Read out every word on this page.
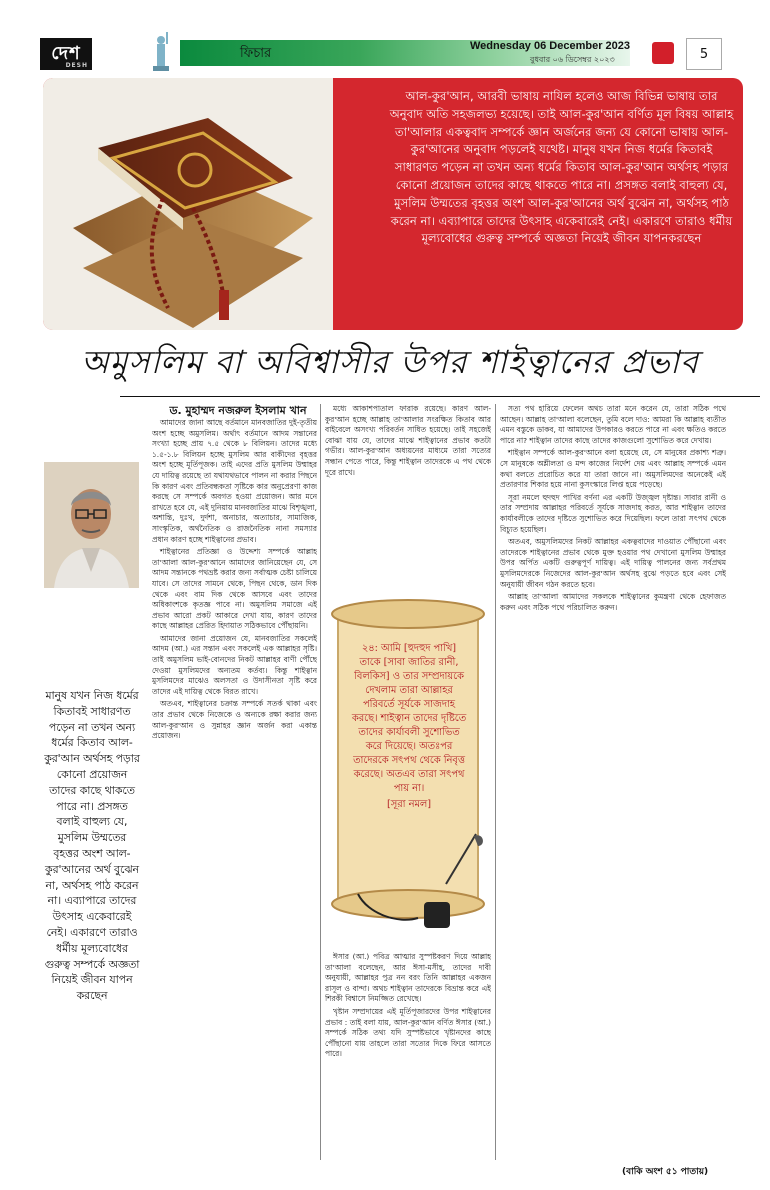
দেশ
DESH
ফিচার	Wednesday 06 December 2023
বুধবার ০৬ ডিসেম্বর ২০২৩	5
আল-কুর'আন, আরবী ভাষায় নাযিল হলেও আজ বিভিন্ন ভাষায় তার অনুবাদ অতি সহজলভ্য হয়েছে। তাই আল-কুর'আন বর্ণিত মূল বিষয় আল্লাহ তা'আলার একত্ববাদ সম্পর্কে জ্ঞান অর্জনের জন্য যে কোনো ভাষায় আল-কুর'আনের অনুবাদ পড়লেই যথেষ্ট। মানুষ যখন নিজ ধর্মের কিতাবই সাধারণত পড়েন না তখন অন্য ধর্মের কিতাব আল-কুর'আন অর্থসহ পড়ার কোনো প্রয়োজন তাদের কাছে থাকতে পারে না। প্রসঙ্গত বলাই বাহুল্য যে, মুসলিম উম্মতের বৃহত্তর অংশ আল-কুর'আনের অর্থ বুঝেন না, অর্থসহ পাঠ করেন না। এব্যাপারে তাদের উৎসাহ একেবারেই নেই। একারণে তারাও ধর্মীয় মূল্যবোধের গুরুত্ব সম্পর্কে অজ্ঞতা নিয়েই জীবন যাপনকরছেন
অমুসলিম বা অবিশ্বাসীর উপর শাইত্বানের প্রভাব
ড. মুহাম্মদ নজরুল ইসলাম খান
মানুষ যখন নিজ ধর্মের কিতাবই সাধারণত পড়েন না তখন অন্য ধর্মের কিতাব আল-কুর'আন অর্থসহ পড়ার কোনো প্রয়োজন তাদের কাছে থাকতে পারে না। প্রসঙ্গত বলাই বাহুল্য যে, মুসলিম উম্মতের বৃহত্তর অংশ আল-কুর'আনের অর্থ বুঝেন না, অর্থসহ পাঠ করেন না। এব্যাপারে তাদের উৎসাহ একেবারেই নেই। একারণে তারাও ধর্মীয় মূল্যবোধের গুরুত্ব সম্পর্কে অজ্ঞতা নিয়েই জীবন যাপন করছেন

আমাদের জানা আছে বর্তমানে মানবজাতির দুই-তৃতীয় অংশ হচ্ছে অমুসলিম। অর্থাৎ বর্তমানে আদম সন্তানের সংখ্যা হচ্ছে প্রায় ৭.৫ থেকে ৮ বিলিয়ন। তাদের মধ্যে ১.৫-১.৮ বিলিয়ন হচ্ছে মুসলিম আর বাকীদের বৃহত্তর অংশ হচ্ছে মূর্তিপূজক। তাই এদের প্রতি মুসলিম উম্মাহর যে দায়িত্ব রয়েছে তা যথাযথভাবে পালন না করার পিছনে কি কারণ এবং প্রতিবন্ধকতা সৃষ্টিকে কার অনুপ্রেরণা কাজ করছে সে সম্পর্কে অবগত হওয়া প্রয়োজন। আর মনে রাখতে হবে যে, এই দুনিয়ায় মানবজাতির মাঝে বিশৃঙ্খলা, অশান্তি, দুঃখ, দুর্দশা, অনাচার, অত্যাচার, সামাজিক, সাংস্কৃতিক, অর্থনৈতিক ও রাজনৈতিক নানা সমস্যার প্রধান কারণ হচ্ছে শাইত্বানের প্রভাব।

শাইত্বানের প্রতিজ্ঞা ও উদ্দেশ্য সম্পর্কে আল্লাহ তা'আলা আল-কুর'আনে আমাদের জানিয়েছেন যে, সে আদম সন্তানকে পথভ্রষ্ট করার জন্য সর্বাত্মক চেষ্টা চালিয়ে যাবে। সে তাদের সামনে থেকে, পিছন থেকে, ডান দিক থেকে এবং বাম দিক থেকে আসবে এবং তাদের অধিকাংশকে কৃতজ্ঞ পাবে না। অমুসলিম সমাজে এই প্রভাব আরো প্রকট আকারে দেখা যায়, কারণ তাদের কাছে আল্লাহর প্রেরিত হিদায়াত সঠিকভাবে পৌঁছায়নি।

আমাদের জানা প্রয়োজন যে, মানবজাতির সকলেই আদম (আ.) এর সন্তান এবং সকলেই এক আল্লাহর সৃষ্টি। তাই অমুসলিম ভাই-বোনদের নিকট আল্লাহর বাণী পৌঁছে দেওয়া মুসলিমদের অন্যতম কর্তব্য। কিন্তু শাইত্বান মুসলিমদের মাঝেও অলসতা ও উদাসীনতা সৃষ্টি করে তাদের এই দায়িত্ব থেকে বিরত রাখে।

অতএব, শাইত্বানের চক্রান্ত সম্পর্কে সতর্ক থাকা এবং তার প্রভাব থেকে নিজেকে ও অন্যকে রক্ষা করার জন্য আল-কুর'আন ও সুন্নাহর জ্ঞান অর্জন করা একান্ত প্রয়োজন।

মধ্যে আকাশপাতাল ফারাক রয়েছে। কারণ আল-কুর'আন হচ্ছে আল্লাহ তা'আলার সংরক্ষিত কিতাব আর বাইবেলে অসংখ্য পরিবর্তন সাধিত হয়েছে। তাই সহজেই বোঝা যায় যে, তাদের মাঝে শাইত্বানের প্রভাব কতটা গভীর। আল-কুর'আন অধ্যয়নের মাধ্যমে তারা সত্যের সন্ধান পেতে পারে, কিন্তু শাইত্বান তাদেরকে এ পথ থেকে দূরে রাখে।

২৪: আমি [হুদহুদ পাখি] তাকে [সাবা জাতির রানী, বিলকিস] ও তার সম্প্রদায়কে দেখলাম তারা আল্লাহর পরিবর্তে সূর্যকে সাজদাহ করছে। শাইত্বান তাদের দৃষ্টিতে তাদের কার্যাবলী সুশোভিত করে দিয়েছে। অতঃপর তাদেরকে সৎপথ থেকে নিবৃত্ত করেছে। অতএব তারা সৎপথ পায় না।
[সূরা নমল]

ঈসার (আ.) পবিত্র আত্মার সুস্পষ্টকরণ দিয়ে আল্লাহ তা'আলা বলেছেন, আর ঈসা-মসীহ, তাদের দাবী অনুযায়ী, আল্লাহর পুত্র নন বরং তিনি আল্লাহর একজন রাসূল ও বান্দা। অথচ শাইত্বান তাদেরকে বিভ্রান্ত করে এই শিরকী বিশ্বাসে নিমজ্জিত রেখেছে।

খৃষ্টান সম্প্রদায়ের এই মূর্তিপূজারদের উপর শাইত্বানের প্রভাব : তাই বলা যায়, আল-কুর'আন বর্ণিত ঈসার (আ.) সম্পর্কে সঠিক তথ্য যদি সুস্পষ্টভাবে খৃষ্টানদের কাছে পৌঁছানো যায় তাহলে তারা সত্যের দিকে ফিরে আসতে পারে।

সত্য পথ হারিয়ে ফেলেন অথচ তারা মনে করেন যে, তারা সঠিক পথে আছেন। আল্লাহ তা'আলা বলেছেন, তুমি বলে দাও: আমরা কি আল্লাহ ব্যতীত এমন বস্তুকে ডাকব, যা আমাদের উপকারও করতে পারে না এবং ক্ষতিও করতে পারে না? শাইত্বান তাদের কাছে তাদের কাজগুলো সুশোভিত করে দেখায়।

শাইত্বান সম্পর্কে আল-কুর'আনে বলা হয়েছে যে, সে মানুষের প্রকাশ্য শত্রু। সে মানুষকে অশ্লীলতা ও মন্দ কাজের নির্দেশ দেয় এবং আল্লাহ সম্পর্কে এমন কথা বলতে প্ররোচিত করে যা তারা জানে না। অমুসলিমদের অনেকেই এই প্রতারণার শিকার হয়ে নানা কুসংস্কারে লিপ্ত হয়ে পড়েছে।

সূরা নমলে হুদহুদ পাখির বর্ণনা এর একটি উজ্জ্বল দৃষ্টান্ত। সাবার রানী ও তার সম্প্রদায় আল্লাহর পরিবর্তে সূর্যকে সাজদাহ করত, আর শাইত্বান তাদের কার্যাবলীকে তাদের দৃষ্টিতে সুশোভিত করে দিয়েছিল। ফলে তারা সৎপথ থেকে বিচ্যুত হয়েছিল।

অতএব, অমুসলিমদের নিকট আল্লাহর একত্ববাদের দাওয়াত পৌঁছানো এবং তাদেরকে শাইত্বানের প্রভাব থেকে মুক্ত হওয়ার পথ দেখানো মুসলিম উম্মাহর উপর অর্পিত একটি গুরুত্বপূর্ণ দায়িত্ব। এই দায়িত্ব পালনের জন্য সর্বপ্রথম মুসলিমদেরকে নিজেদের আল-কুর'আন অর্থসহ বুঝে পড়তে হবে এবং সেই অনুযায়ী জীবন গঠন করতে হবে।

আল্লাহ তা'আলা আমাদের সকলকে শাইত্বানের কুমন্ত্রণা থেকে হেফাজত করুন এবং সঠিক পথে পরিচালিত করুন।

(বাকি অংশ ৫১ পাতায়)
